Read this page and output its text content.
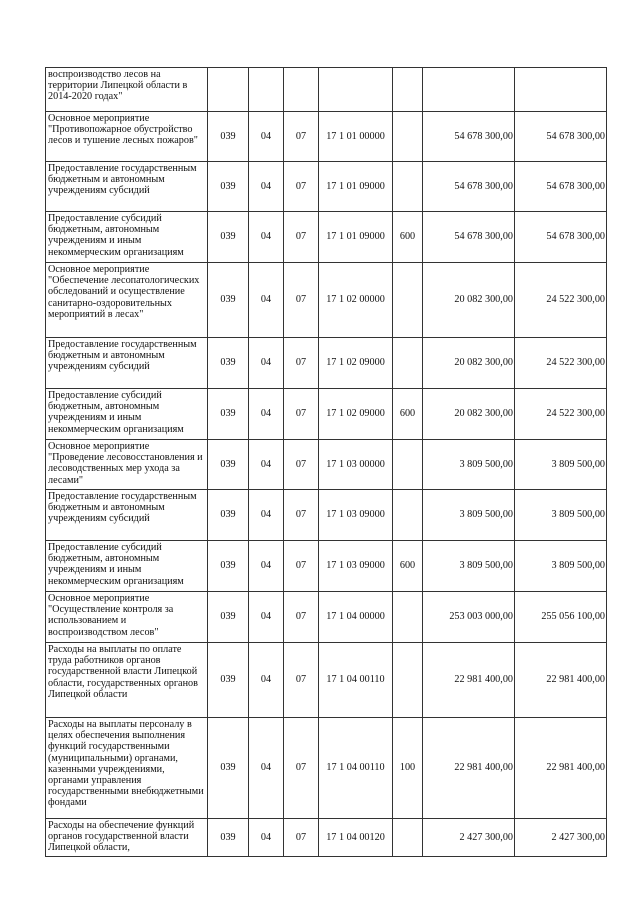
воспроизводство лесов на территории Липецкой области в 2014-2020 годах"							
Основное мероприятие "Противопожарное обустройство лесов и тушение лесных пожаров"	039	04	07	17 1 01 00000		54 678 300,00	54 678 300,00
Предоставление государственным бюджетным и автономным учреждениям субсидий	039	04	07	17 1 01 09000		54 678 300,00	54 678 300,00
Предоставление субсидий бюджетным, автономным учреждениям и иным некоммерческим организациям	039	04	07	17 1 01 09000	600	54 678 300,00	54 678 300,00
Основное мероприятие "Обеспечение лесопатологических обследований и осуществление санитарно-оздоровительных мероприятий в лесах"	039	04	07	17 1 02 00000		20 082 300,00	24 522 300,00
Предоставление государственным бюджетным и автономным учреждениям субсидий	039	04	07	17 1 02 09000		20 082 300,00	24 522 300,00
Предоставление субсидий бюджетным, автономным учреждениям и иным некоммерческим организациям	039	04	07	17 1 02 09000	600	20 082 300,00	24 522 300,00
Основное мероприятие "Проведение лесовосстановления и лесоводственных мер ухода за лесами"	039	04	07	17 1 03 00000		3 809 500,00	3 809 500,00
Предоставление государственным бюджетным и автономным учреждениям субсидий	039	04	07	17 1 03 09000		3 809 500,00	3 809 500,00
Предоставление субсидий бюджетным, автономным учреждениям и иным некоммерческим организациям	039	04	07	17 1 03 09000	600	3 809 500,00	3 809 500,00
Основное мероприятие "Осуществление контроля за использованием и воспроизводством лесов"	039	04	07	17 1 04 00000		253 003 000,00	255 056 100,00
Расходы на выплаты по оплате труда работников органов государственной власти Липецкой области, государственных органов Липецкой области	039	04	07	17 1 04 00110		22 981 400,00	22 981 400,00
Расходы на выплаты персоналу в целях обеспечения выполнения функций государственными (муниципальными) органами, казенными учреждениями, органами управления государственными внебюджетными фондами	039	04	07	17 1 04 00110	100	22 981 400,00	22 981 400,00
Расходы на обеспечение функций органов государственной власти Липецкой области,	039	04	07	17 1 04 00120		2 427 300,00	2 427 300,00
